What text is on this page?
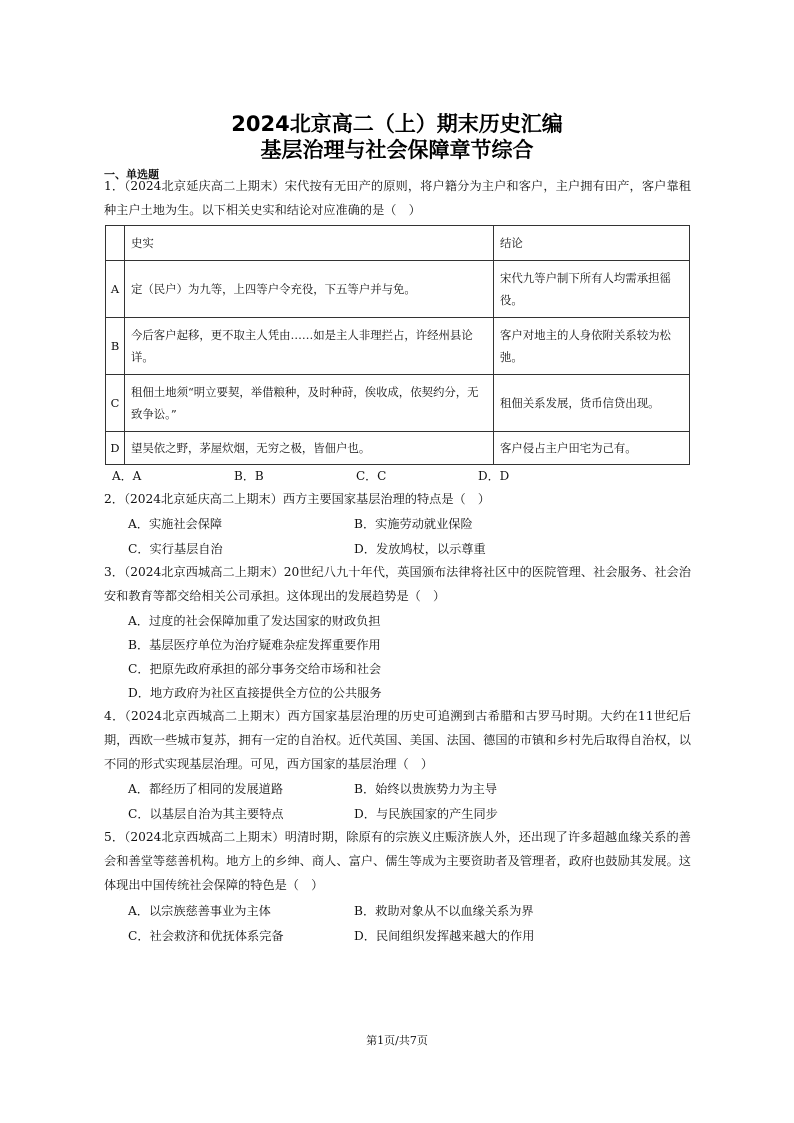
2024北京高二（上）期末历史汇编
基层治理与社会保障章节综合
一、单选题
1．（2024北京延庆高二上期末）宋代按有无田产的原则，将户籍分为主户和客户，主户拥有田产，客户靠租种主户土地为生。以下相关史实和结论对应准确的是（　）
	史实	结论
A	定（民户）为九等，上四等户令充役，下五等户并与免。	宋代九等户制下所有人均需承担徭役。
B	今后客户起移，更不取主人凭由……如是主人非理拦占，许经州县论详。	客户对地主的人身依附关系较为松弛。
C	租佃土地须“明立要契，举借粮种，及时种莳，俟收成，依契约分，无致争讼。”	租佃关系发展，货币信贷出现。
D	望吴依之野，茅屋炊烟，无穷之极，皆佃户也。	客户侵占主户田宅为己有。
A．A	B．B	C．C	D．D
2．（2024北京延庆高二上期末）西方主要国家基层治理的特点是（　）
A．实施社会保障	B．实施劳动就业保险
C．实行基层自治	D．发放鸠杖，以示尊重
3．（2024北京西城高二上期末）20世纪八九十年代，英国颁布法律将社区中的医院管理、社会服务、社会治安和教育等都交给相关公司承担。这体现出的发展趋势是（　）
A．过度的社会保障加重了发达国家的财政负担
B．基层医疗单位为治疗疑难杂症发挥重要作用
C．把原先政府承担的部分事务交给市场和社会
D．地方政府为社区直接提供全方位的公共服务
4．（2024北京西城高二上期末）西方国家基层治理的历史可追溯到古希腊和古罗马时期。大约在11世纪后期，西欧一些城市复苏，拥有一定的自治权。近代英国、美国、法国、德国的市镇和乡村先后取得自治权，以不同的形式实现基层治理。可见，西方国家的基层治理（　）
A．都经历了相同的发展道路	B．始终以贵族势力为主导
C．以基层自治为其主要特点	D．与民族国家的产生同步
5．（2024北京西城高二上期末）明清时期，除原有的宗族义庄赈济族人外，还出现了许多超越血缘关系的善会和善堂等慈善机构。地方上的乡绅、商人、富户、儒生等成为主要资助者及管理者，政府也鼓励其发展。这体现出中国传统社会保障的特色是（　）
A．以宗族慈善事业为主体	B．救助对象从不以血缘关系为界
C．社会救济和优抚体系完备	D．民间组织发挥越来越大的作用
第1页/共7页
